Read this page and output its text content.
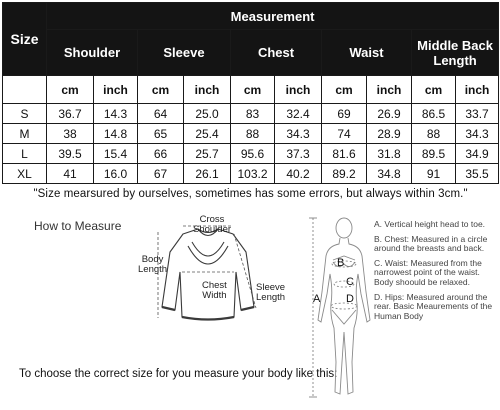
Size	Measurement									
	Shoulder		Sleeve		Chest		Waist		Middle Back Length	
	cm	inch	cm	inch	cm	inch	cm	inch	cm	inch
S	36.7	14.3	64	25.0	83	32.4	69	26.9	86.5	33.7
M	38	14.8	65	25.4	88	34.3	74	28.9	88	34.3
L	39.5	15.4	66	25.7	95.6	37.3	81.6	31.8	89.5	34.9
XL	41	16.0	67	26.1	103.2	40.2	89.2	34.8	91	35.5
"Size mearsured by ourselves, sometimes has some errors, but always within 3cm."										
How to Measure	Cross
Shoulder
Body
Length
Chest
Width
Sleeve
Length
To choose the correct size for you measure your body like this:
A
B
C
D
A. Vertical height head to toe.
B. Chest: Measured in a circle around the breasts and back.
C. Waist: Measured from the narrowest point of the waist. Body shoould be relaxed.
D. Hips: Measured around the rear. Basic Meaurements of the Human Body
